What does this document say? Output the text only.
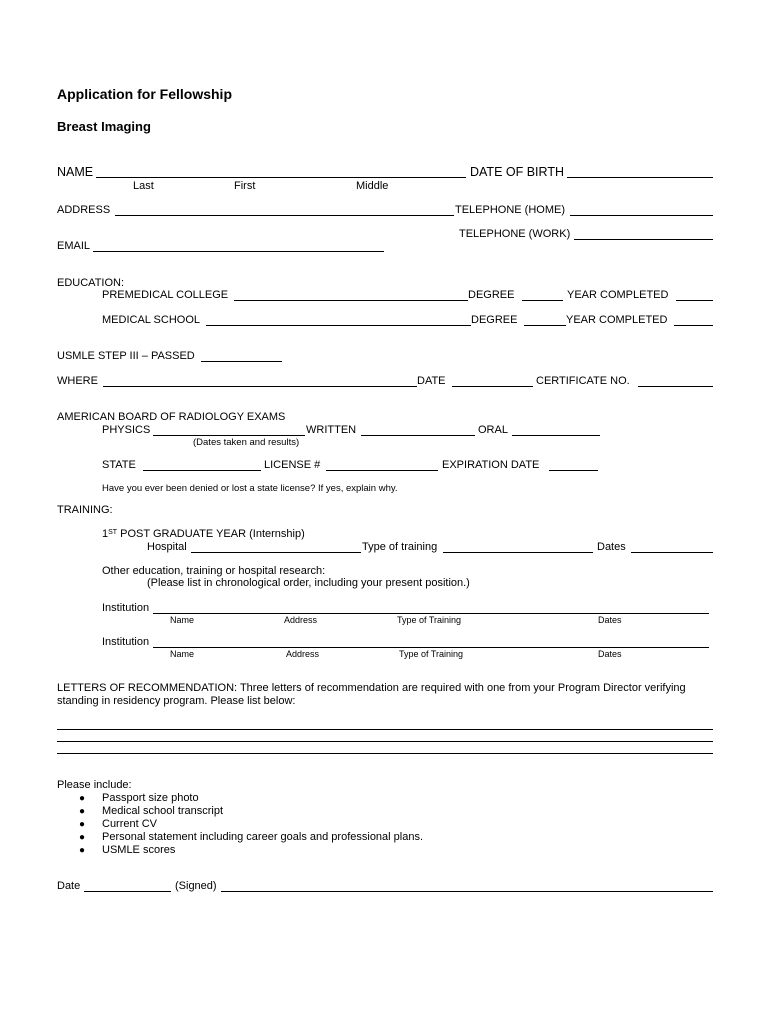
Application for Fellowship
Breast Imaging
NAME	DATE OF BIRTH
Last	First	Middle
ADDRESS	TELEPHONE (HOME)
TELEPHONE (WORK)
EMAIL
EDUCATION:
PREMEDICAL COLLEGE	DEGREE	YEAR COMPLETED
MEDICAL SCHOOL	DEGREE	YEAR COMPLETED
USMLE STEP III – PASSED
WHERE	DATE	CERTIFICATE NO.
AMERICAN BOARD OF RADIOLOGY EXAMS
PHYSICS	WRITTEN	ORAL
(Dates taken and results)
STATE	LICENSE #	EXPIRATION DATE
Have you ever been denied or lost a state license? If yes, explain why.
TRAINING:
1ST POST GRADUATE YEAR (Internship)
Hospital	Type of training	Dates
Other education, training or hospital research:
(Please list in chronological order, including your present position.)
Institution
Name	Address	Type of Training	Dates
Institution
Name	Address	Type of Training	Dates
LETTERS OF RECOMMENDATION: Three letters of recommendation are required with one from your Program Director verifying
standing in residency program. Please list below:
Please include:
● Passport size photo
● Medical school transcript
● Current CV
● Personal statement including career goals and professional plans.
● USMLE scores
Date	(Signed)
